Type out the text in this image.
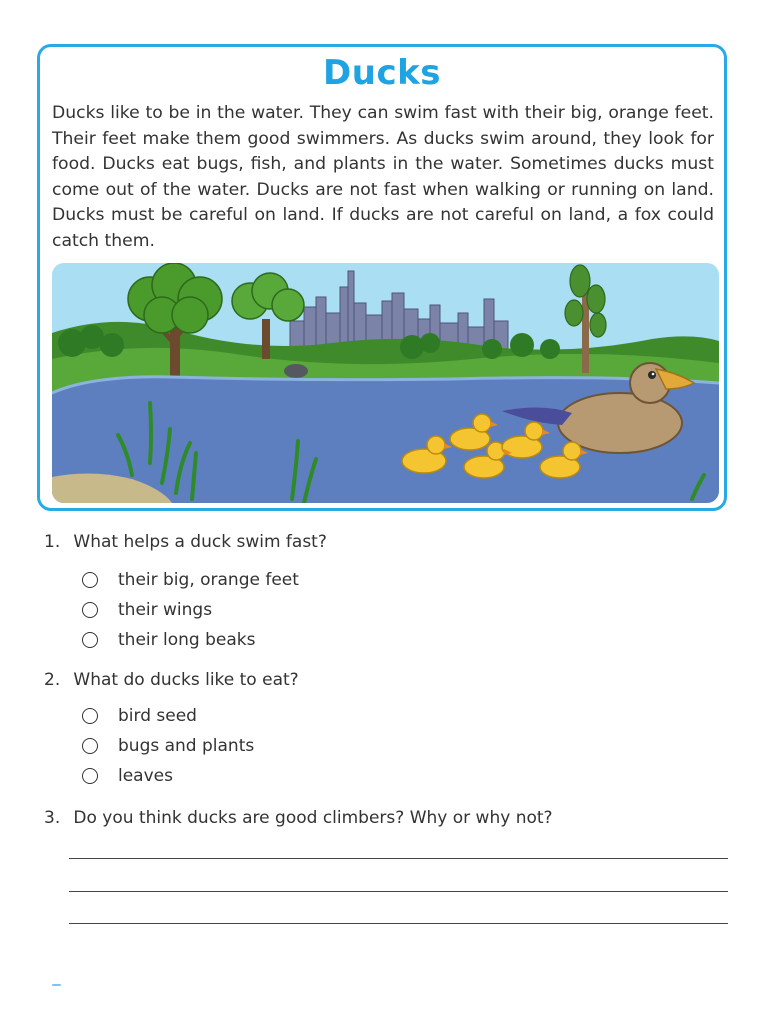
Ducks

Ducks like to be in the water. They can swim fast with their big, orange feet. Their feet make them good swimmers. As ducks swim around, they look for food. Ducks eat bugs, fish, and plants in the water. Sometimes ducks must come out of the water. Ducks are not fast when walking or running on land. Ducks must be careful on land. If ducks are not careful on land, a fox could catch them.

1. What helps a duck swim fast?
their big, orange feet
their wings
their long beaks
2. What do ducks like to eat?
bird seed
bugs and plants
leaves
3. Do you think ducks are good climbers? Why or why not?
